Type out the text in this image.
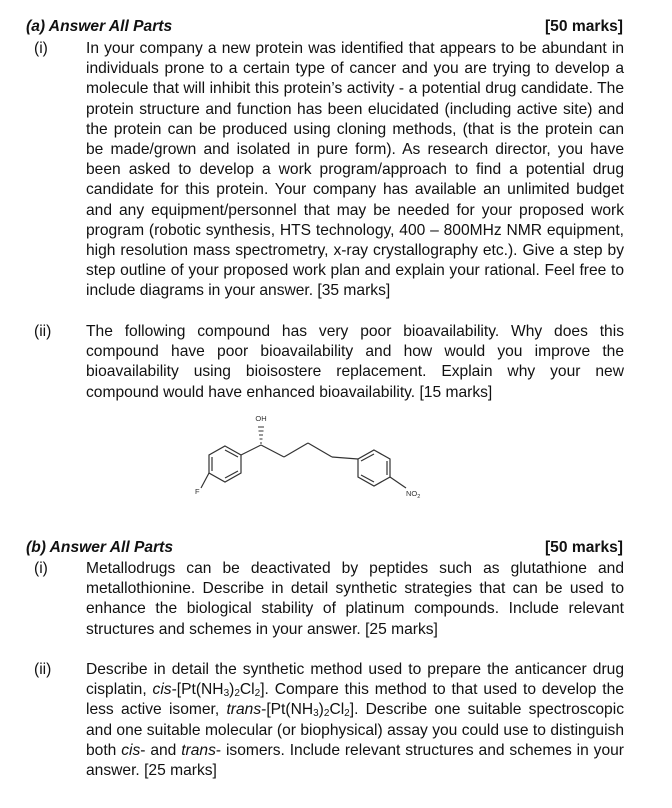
(a) Answer All Parts	[50 marks]
(i) In your company a new protein was identified that appears to be abundant in individuals prone to a certain type of cancer and you are trying to develop a molecule that will inhibit this protein’s activity - a potential drug candidate. The protein structure and function has been elucidated (including active site) and the protein can be produced using cloning methods, (that is the protein can be made/grown and isolated in pure form). As research director, you have been asked to develop a work program/approach to find a potential drug candidate for this protein. Your company has available an unlimited budget and any equipment/personnel that may be needed for your proposed work program (robotic synthesis, HTS technology, 400 – 800MHz NMR equipment, high resolution mass spectrometry, x-ray crystallography etc.). Give a step by step outline of your proposed work plan and explain your rational. Feel free to include diagrams in your answer. [35 marks]

(ii) The following compound has very poor bioavailability. Why does this compound have poor bioavailability and how would you improve the bioavailability using bioisostere replacement. Explain why your new compound would have enhanced bioavailability. [15 marks]

OH
F	$NO_2$
(b) Answer All Parts	[50 marks]
(i) Metallodrugs can be deactivated by peptides such as glutathione and metallothionine. Describe in detail synthetic strategies that can be used to enhance the biological stability of platinum compounds. Include relevant structures and schemes in your answer. [25 marks]

(ii) Describe in detail the synthetic method used to prepare the anticancer drug cisplatin, cis-$[Pt(NH_3)_2Cl_2]$. Compare this method to that used to develop the less active isomer, trans-$[Pt(NH_3)_2Cl_2]$. Describe one suitable spectroscopic and one suitable molecular (or biophysical) assay you could use to distinguish both cis- and trans- isomers. Include relevant structures and schemes in your answer. [25 marks]
